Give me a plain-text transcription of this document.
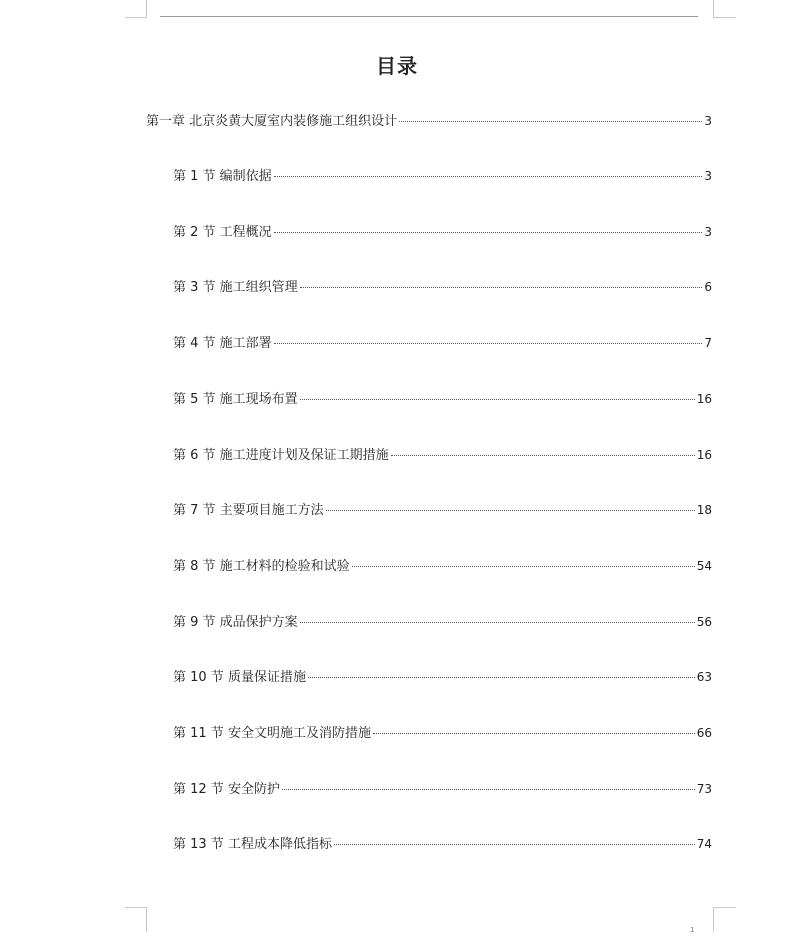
目录
第一章 北京炎黄大厦室内装修施工组织设计	3
第 1 节 编制依据	3
第 2 节 工程概况	3
第 3 节 施工组织管理	6
第 4 节 施工部署	7
第 5 节 施工现场布置	16
第 6 节 施工进度计划及保证工期措施	16
第 7 节 主要项目施工方法	18
第 8 节 施工材料的检验和试验	54
第 9 节 成品保护方案	56
第 10 节 质量保证措施	63
第 11 节 安全文明施工及消防措施	66
第 12 节 安全防护	73
第 13 节 工程成本降低指标	74
1
